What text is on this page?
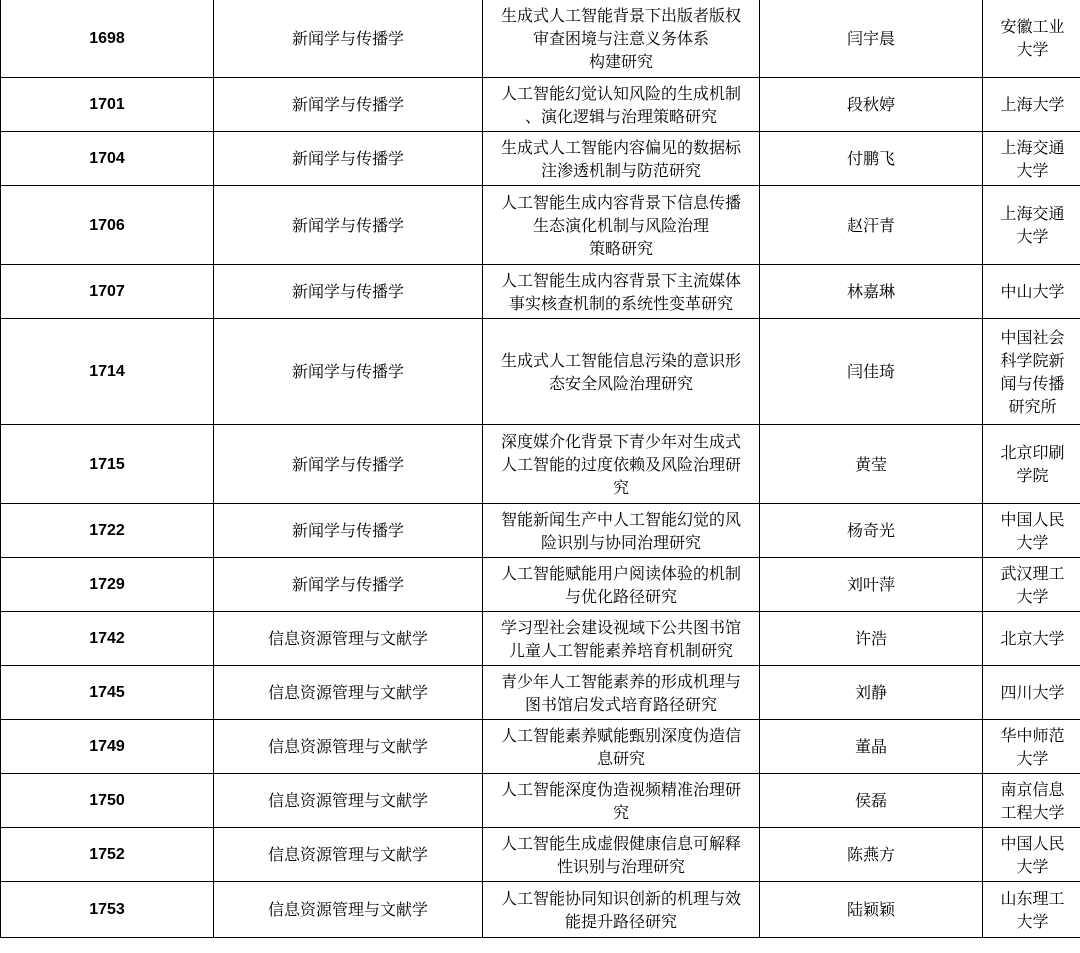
1698	新闻学与传播学	生成式人工智能背景下出版者版权
审查困境与注意义务体系
构建研究	闫宇晨	安徽工业
大学

1701	新闻学与传播学	人工智能幻觉认知风险的生成机制
、演化逻辑与治理策略研究	段秋婷	上海大学

1704	新闻学与传播学	生成式人工智能内容偏见的数据标
注渗透机制与防范研究	付鹏飞	上海交通
大学

1706	新闻学与传播学	人工智能生成内容背景下信息传播
生态演化机制与风险治理
策略研究	赵汗青	上海交通
大学

1707	新闻学与传播学	人工智能生成内容背景下主流媒体
事实核查机制的系统性变革研究	林嘉琳	中山大学

1714	新闻学与传播学	生成式人工智能信息污染的意识形
态安全风险治理研究	闫佳琦	中国社会
科学院新
闻与传播
研究所

1715	新闻学与传播学	深度媒介化背景下青少年对生成式
人工智能的过度依赖及风险治理研
究	黄莹	北京印刷
学院

1722	新闻学与传播学	智能新闻生产中人工智能幻觉的风
险识别与协同治理研究	杨奇光	中国人民
大学

1729	新闻学与传播学	人工智能赋能用户阅读体验的机制
与优化路径研究	刘叶萍	武汉理工
大学

1742	信息资源管理与文献学	学习型社会建设视域下公共图书馆
儿童人工智能素养培育机制研究	许浩	北京大学

1745	信息资源管理与文献学	青少年人工智能素养的形成机理与
图书馆启发式培育路径研究	刘静	四川大学

1749	信息资源管理与文献学	人工智能素养赋能甄别深度伪造信
息研究	董晶	华中师范
大学

1750	信息资源管理与文献学	人工智能深度伪造视频精准治理研
究	侯磊	南京信息
工程大学

1752	信息资源管理与文献学	人工智能生成虚假健康信息可解释
性识别与治理研究	陈燕方	中国人民
大学

1753	信息资源管理与文献学	人工智能协同知识创新的机理与效
能提升路径研究	陆颖颖	山东理工
大学
